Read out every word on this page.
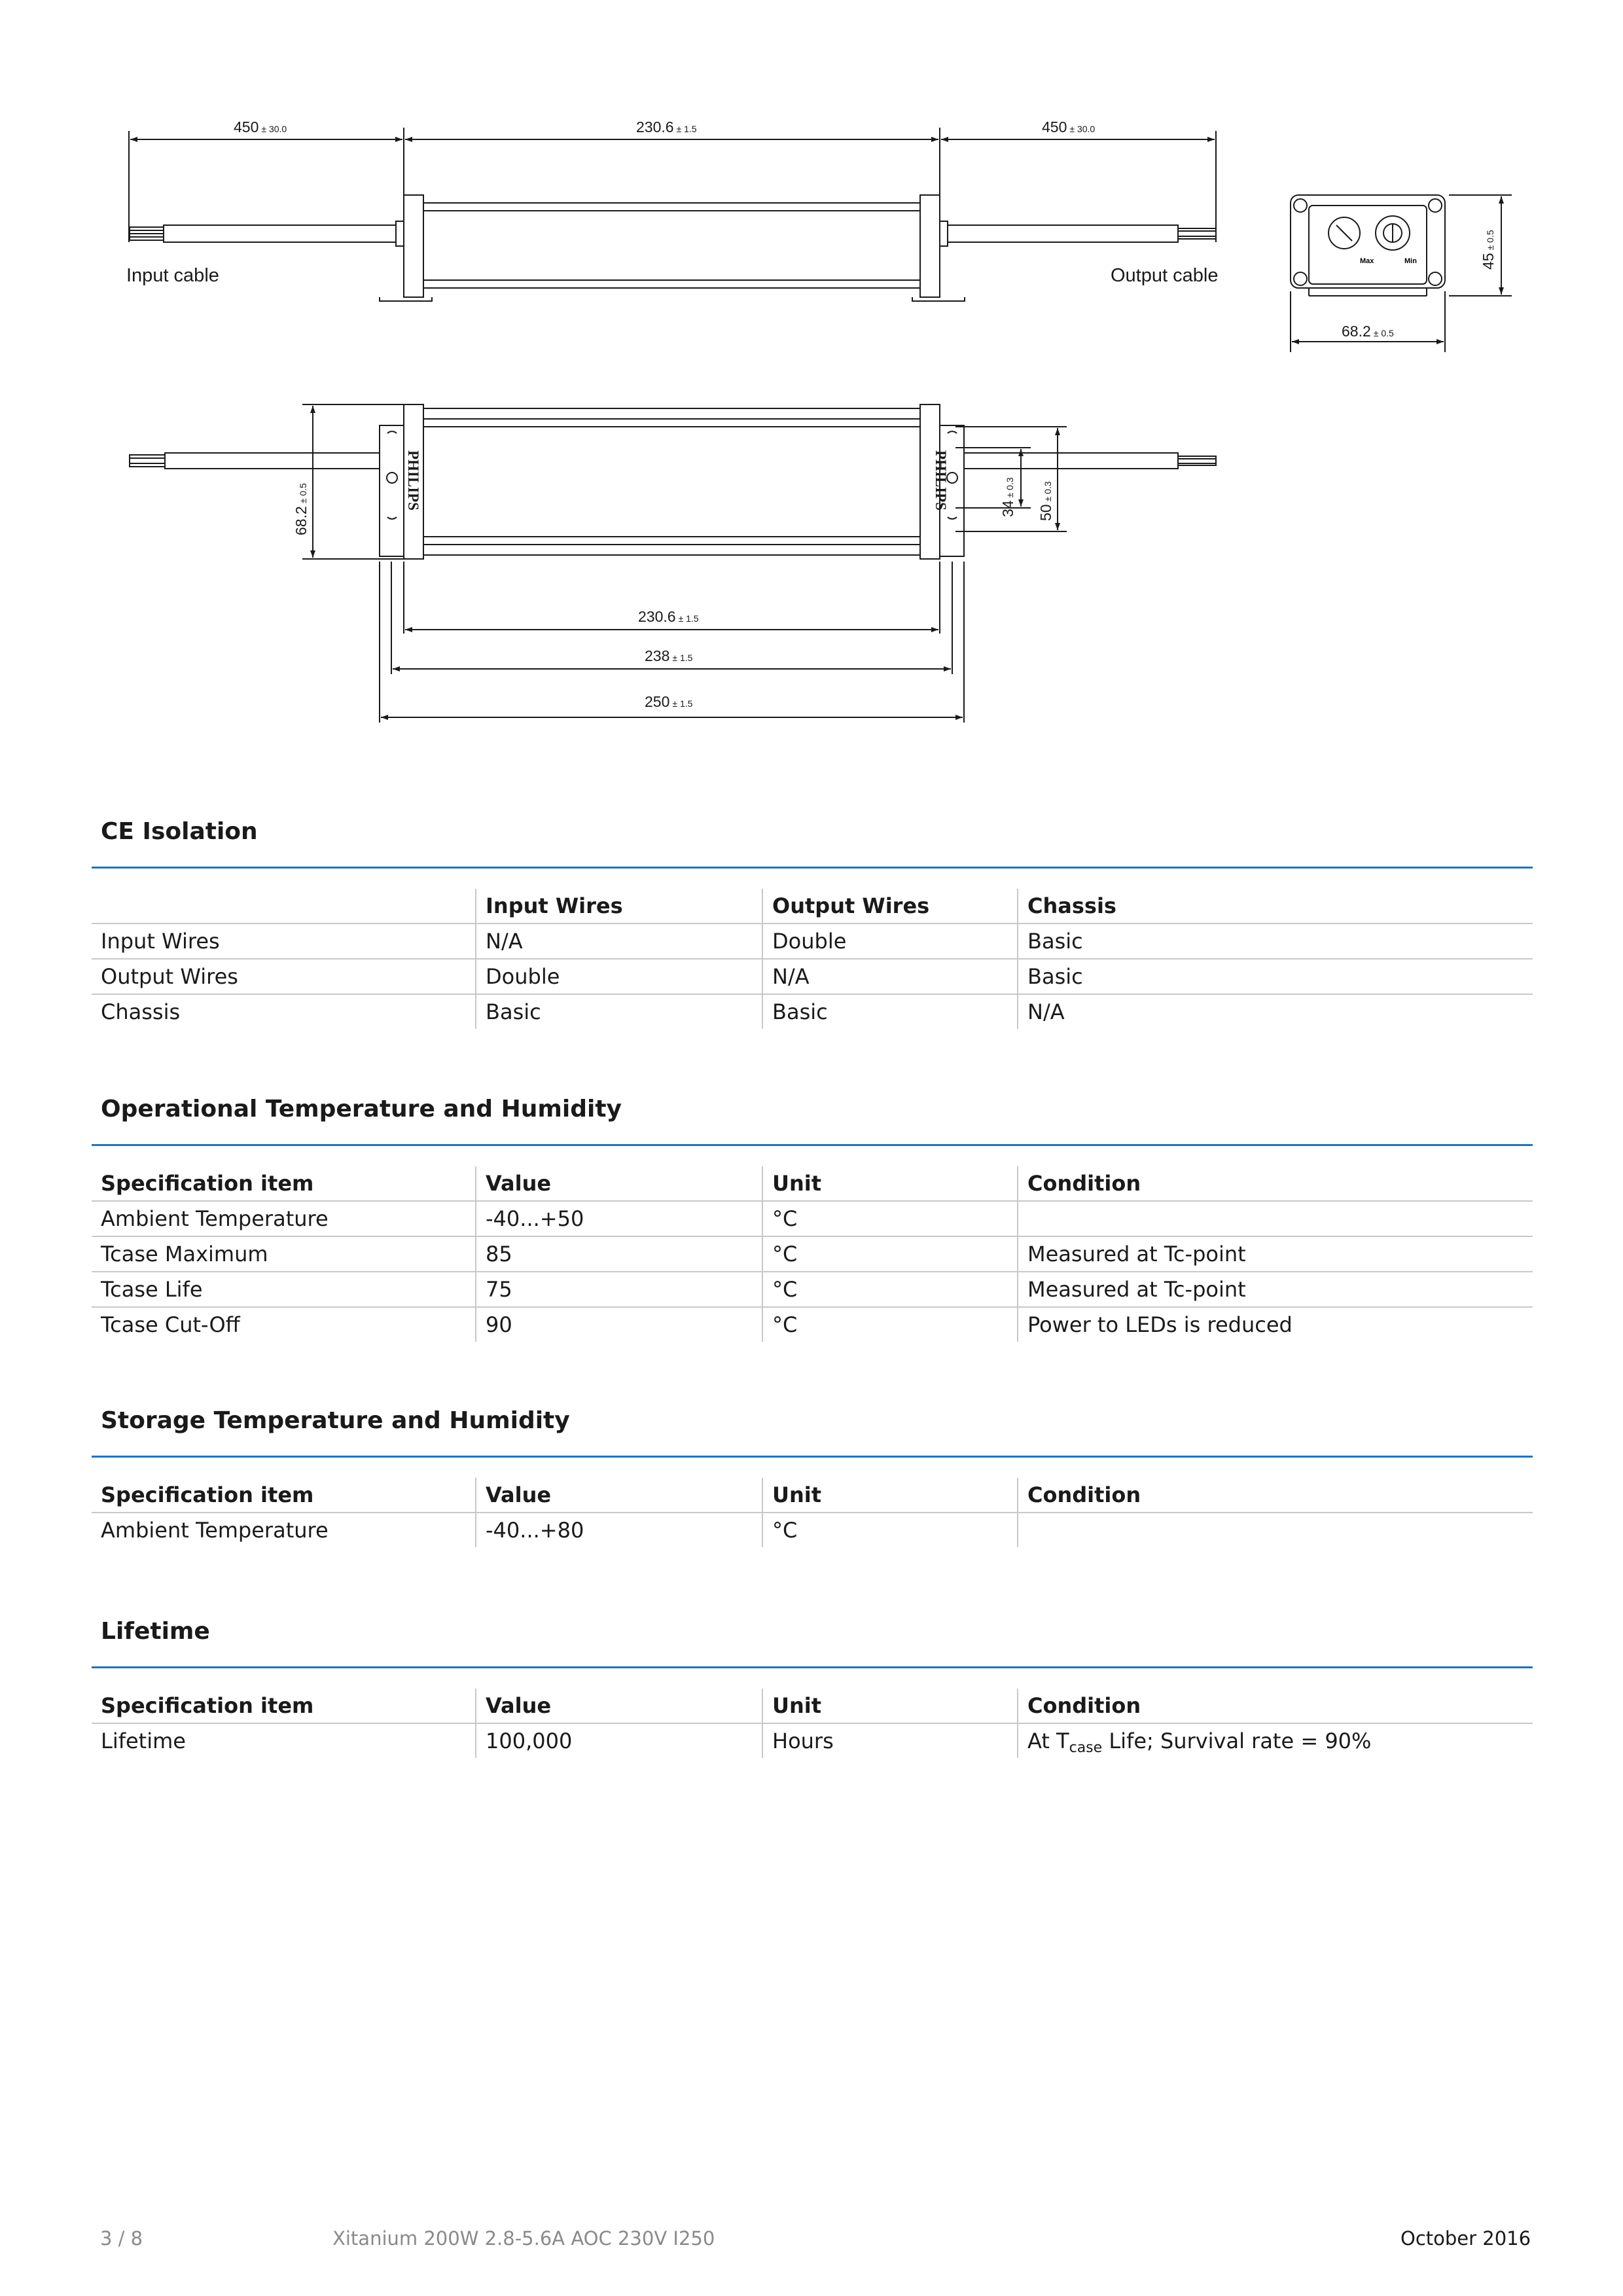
450 ± 30.0	230.6 ± 1.5	450 ± 30.0
Input cable	Output cable
Max	Min
68.2 ± 0.5
45± 0.5
PHILIPS	PHILIPS
68.2± 0.5
34± 0.3
50± 0.3
230.6 ± 1.5
238 ± 1.5
250 ± 1.5
CE Isolation
	Input Wires	Output Wires	Chassis
Input Wires	N/A	Double	Basic
Output Wires	Double	N/A	Basic
Chassis	Basic	Basic	N/A
Operational Temperature and Humidity
Specification item	Value	Unit	Condition
Ambient Temperature	-40...+50	°C	
Tcase Maximum	85	°C	Measured at Tc-point
Tcase Life	75	°C	Measured at Tc-point
Tcase Cut-Off	90	°C	Power to LEDs is reduced
Storage Temperature and Humidity
Specification item	Value	Unit	Condition
Ambient Temperature	-40...+80	°C	
Lifetime
Specification item	Value	Unit	Condition
Lifetime	100,000	Hours	At $T_{case}$ Life; Survival rate = 90%
3 / 8	Xitanium 200W 2.8-5.6A AOC 230V I250	October 2016
